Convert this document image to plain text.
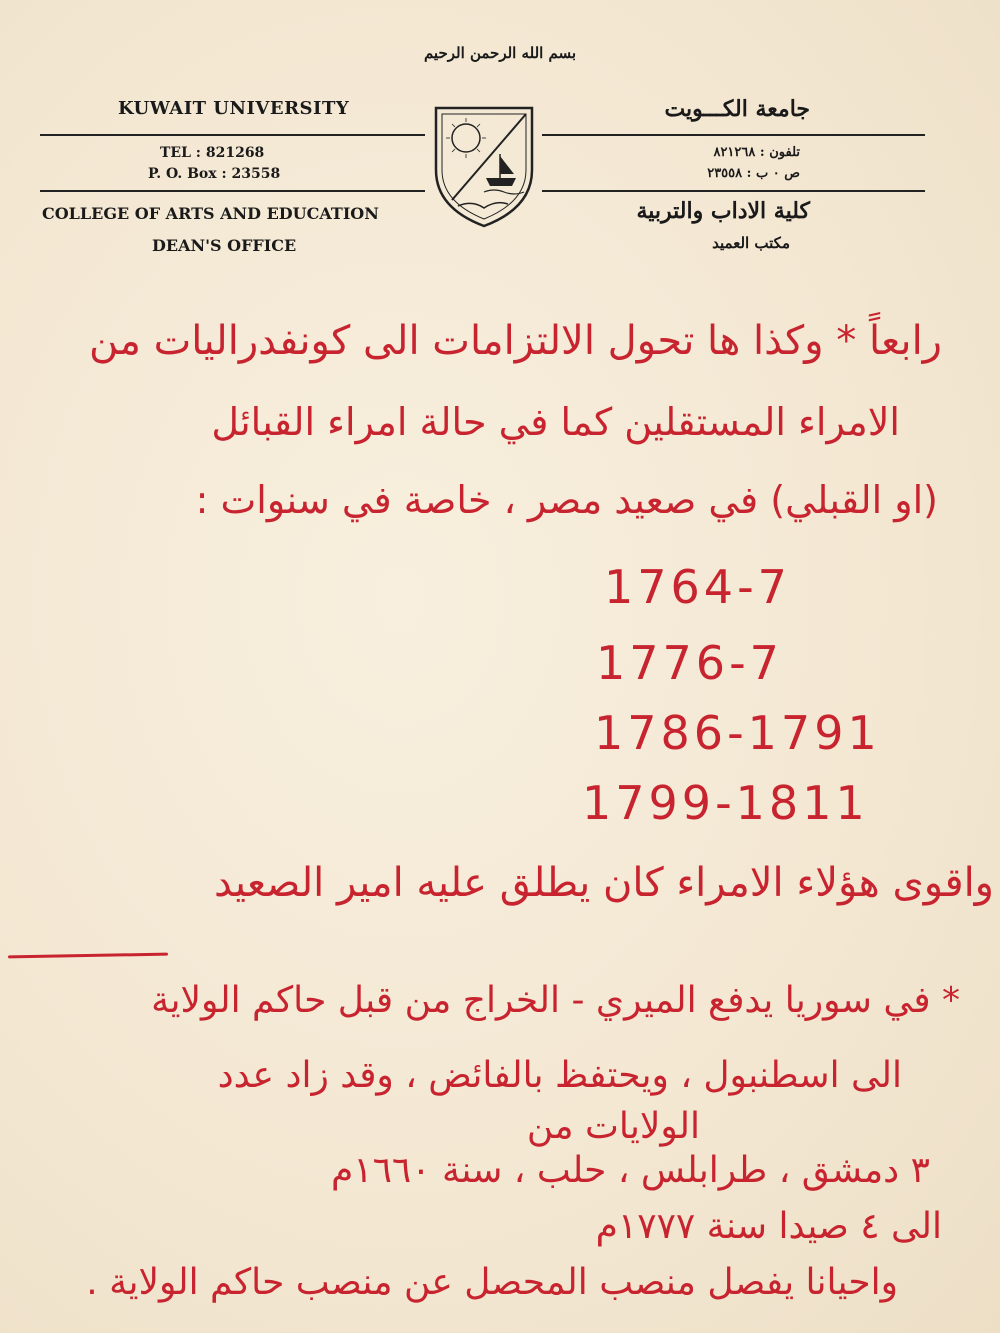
بسم الله الرحمن الرحيم
KUWAIT UNIVERSITY	جامعة الكـــويت
TEL : 821268
P. O. Box : 23558
تلفون : ٨٢١٢٦٨
ص ٠ ب : ٢٣٥٥٨
COLLEGE OF ARTS AND EDUCATION
DEAN'S OFFICE
كلية الاداب والتربية
مكتب العميد
رابعاً * وكذا ها تحول الالتزامات الى كونفدراليات من
الامراء المستقلين كما في حالة امراء القبائل
(او القبلي) في صعيد مصر ، خاصة في سنوات :
1764-7
1776-7
1786-1791
1799-1811
واقوى هؤلاء الامراء كان يطلق عليه امير الصعيد
* في سوريا يدفع الميري - الخراج من قبل حاكم الولاية
الى اسطنبول ، ويحتفظ بالفائض ، وقد زاد عدد
الولايات من
٣ دمشق ، طرابلس ، حلب ، سنة ١٦٦٠م
الى ٤ صيدا سنة ١٧٧٧م
واحيانا يفصل منصب المحصل عن منصب حاكم الولاية .
